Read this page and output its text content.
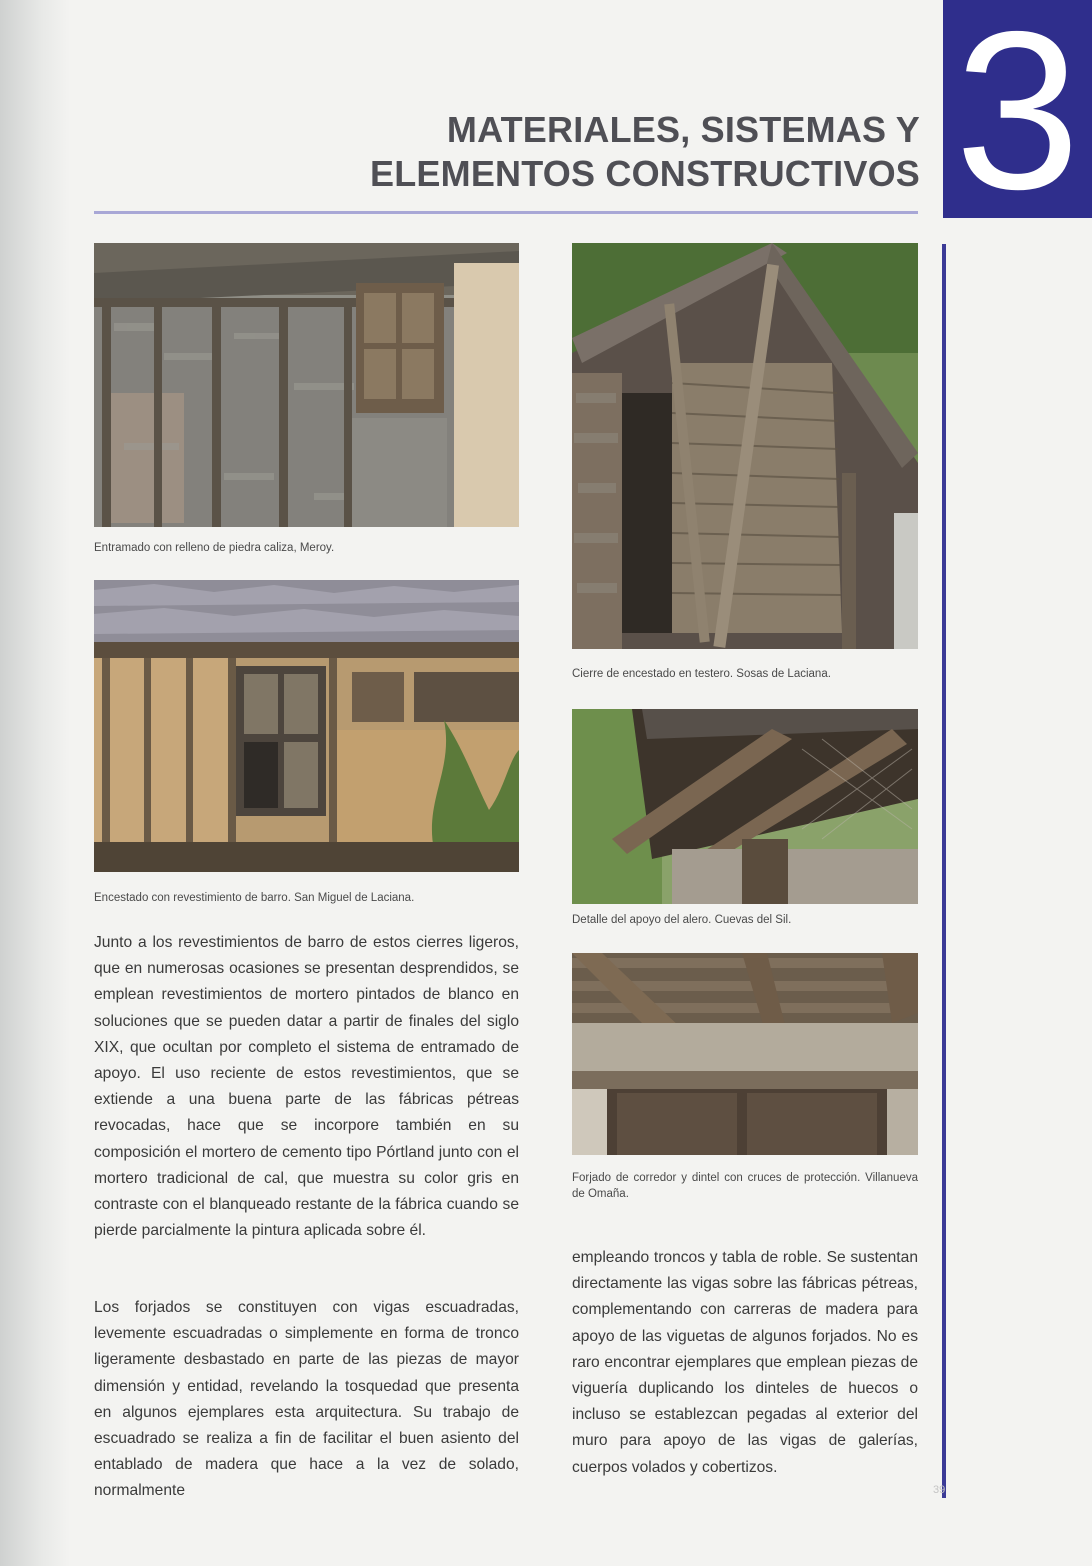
MATERIALES, SISTEMAS Y
ELEMENTOS CONSTRUCTIVOS 3

Entramado con relleno de piedra caliza, Meroy.

Encestado con revestimiento de barro. San Miguel de Laciana.

Cierre de encestado en testero. Sosas de Laciana.

Detalle del apoyo del alero. Cuevas del Sil.

Forjado de corredor y dintel con cruces de protección. Villanueva de Omaña.

Junto a los revestimientos de barro de estos cierres ligeros, que en numerosas ocasiones se presentan desprendidos, se emplean revestimientos de mortero pintados de blanco en soluciones que se pueden datar a partir de finales del siglo XIX, que ocultan por completo el sistema de entramado de apoyo. El uso reciente de estos revestimientos, que se extiende a una buena parte de las fábricas pétreas revocadas, hace que se incorpore también en su composición el mortero de cemento tipo Pórtland junto con el mortero tradicional de cal, que muestra su color gris en contraste con el blanqueado restante de la fábrica cuando se pierde parcialmente la pintura aplicada sobre él.

Los forjados se constituyen con vigas escuadradas, levemente escuadradas o simplemente en forma de tronco ligeramente desbastado en parte de las piezas de mayor dimensión y entidad, revelando la tosquedad que presenta en algunos ejemplares esta arquitectura. Su trabajo de escuadrado se realiza a fin de facilitar el buen asiento del entablado de madera que hace a la vez de solado, normalmente

empleando troncos y tabla de roble. Se sustentan directamente las vigas sobre las fábricas pétreas, complementando con carreras de madera para apoyo de las viguetas de algunos forjados. No es raro encontrar ejemplares que emplean piezas de viguería duplicando los dinteles de huecos o incluso se establezcan pegadas al exterior del muro para apoyo de las vigas de galerías, cuerpos volados y cobertizos.

39
